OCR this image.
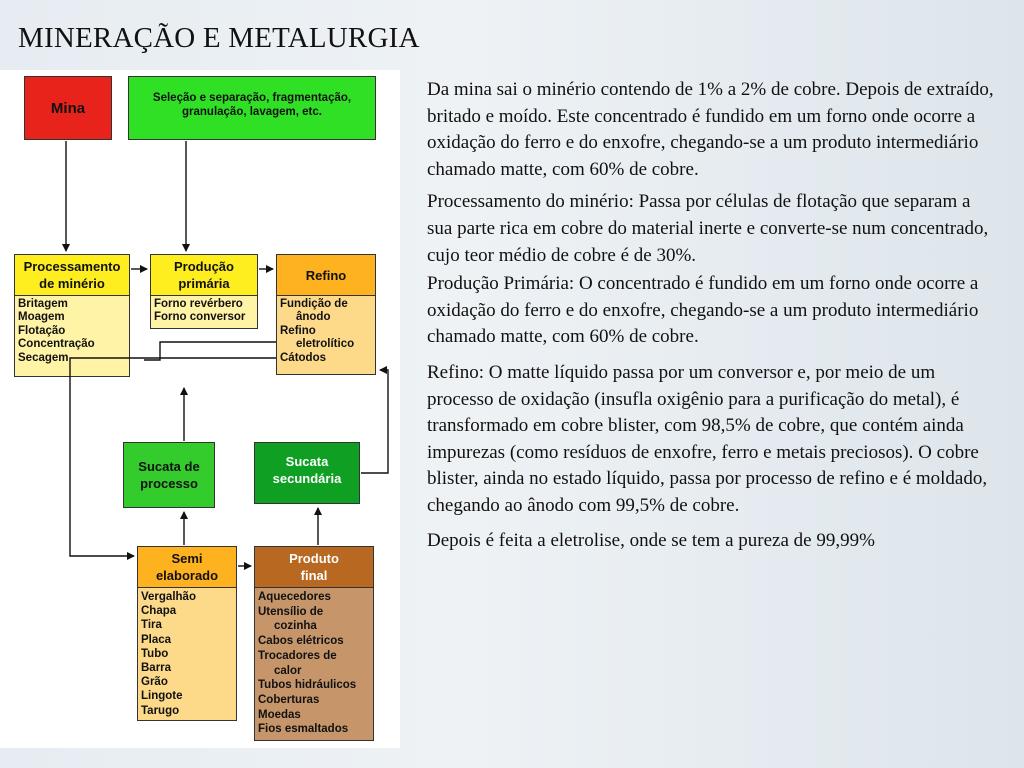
MINERAÇÃO E METALURGIA
Mina
Seleção e separação, fragmentação,
granulação, lavagem, etc.
Processamento
de minério
Britagem
Moagem
Flotação
Concentração
Secagem
Produção
primária
Forno revérbero
Forno conversor
Refino
Fundição de
ânodo
Refino
eletrolítico
Cátodos
Sucata de
processo
Sucata
secundária
Semi
elaborado
Vergalhão
Chapa
Tira
Placa
Tubo
Barra
Grão
Lingote
Tarugo
Produto
final
Aquecedores
Utensílio de
cozinha
Cabos elétricos
Trocadores de
calor
Tubos hidráulicos
Coberturas
Moedas
Fios esmaltados

Da mina sai o minério contendo de 1% a 2% de cobre. Depois de extraído, britado e moído. Este concentrado é fundido em um forno onde ocorre a oxidação do ferro e do enxofre, chegando-se a um produto intermediário chamado matte, com 60% de cobre.

Processamento do minério: Passa por células de flotação que separam a sua parte rica em cobre do material inerte e converte-se num concentrado, cujo teor médio de cobre é de 30%.

Produção Primária: O concentrado é fundido em um forno onde ocorre a oxidação do ferro e do enxofre, chegando-se a um produto intermediário chamado matte, com 60% de cobre.

Refino: O matte líquido passa por um conversor e, por meio de um processo de oxidação (insufla oxigênio para a purificação do metal), é transformado em cobre blister, com 98,5% de cobre, que contém ainda impurezas (como resíduos de enxofre, ferro e metais preciosos). O cobre blister, ainda no estado líquido, passa por processo de refino e é moldado, chegando ao ânodo com 99,5% de cobre.

Depois é feita a eletrolise, onde se tem a pureza de 99,99%
